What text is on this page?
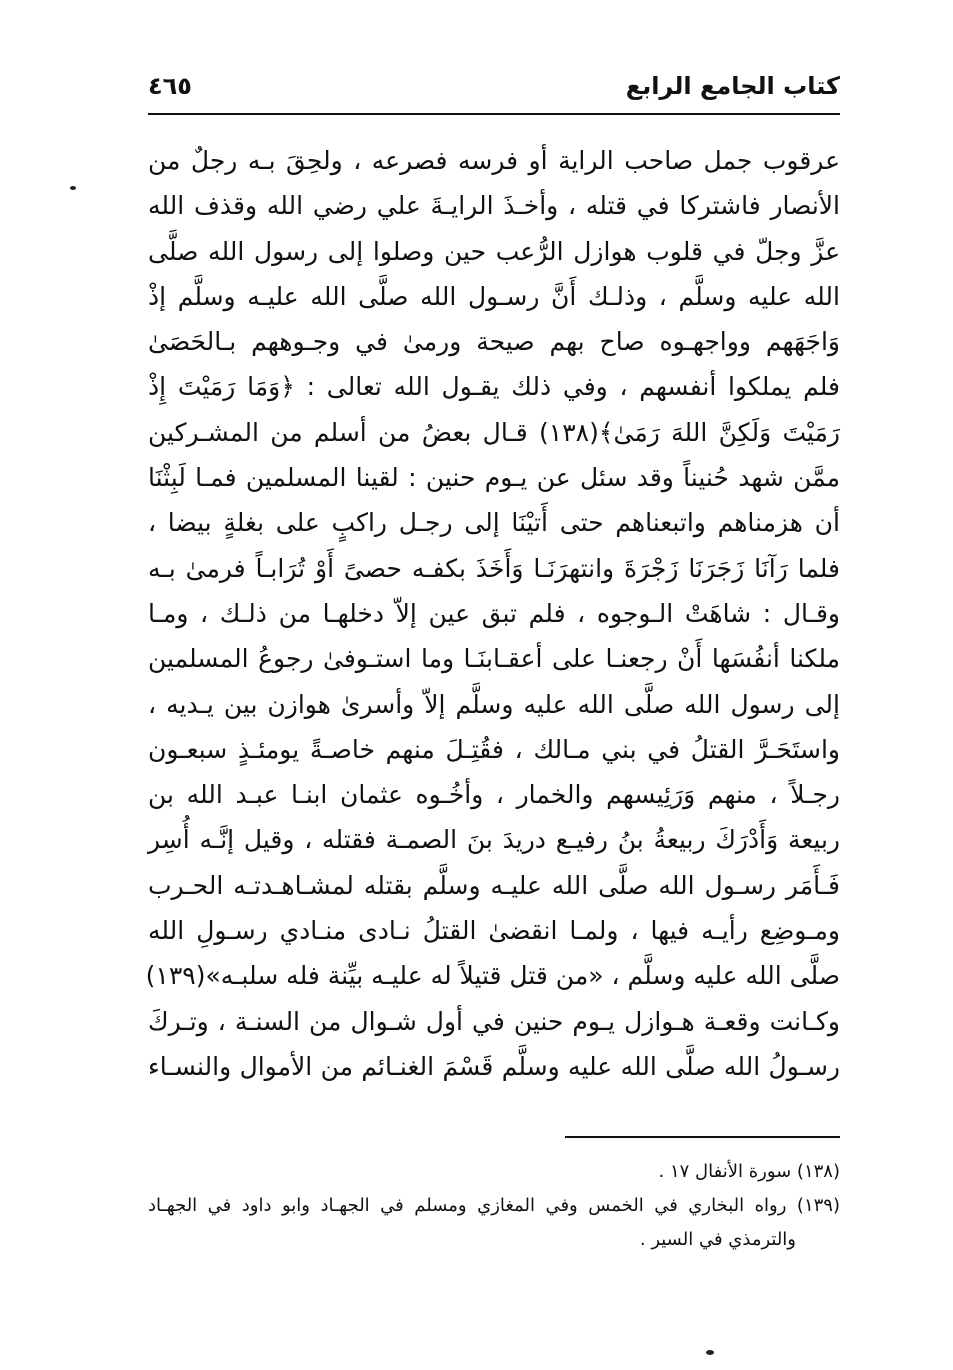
كتاب الجامع الرابع
٤٦٥
عرقوب جمل صاحب الراية أو فرسه فصرعه ، ولحِقَ بـه رجلٌ من
الأنصار فاشتركا في قتله ، وأخـذَ الرايـةَ علي رضي الله وقذف الله
عزَّ وجلّ في قلوب هوازل الرُّعب حين وصلوا إلى رسول الله صلَّى
الله عليه وسلَّم ، وذلـك أَنَّ رسـول الله صلَّى الله عليـه وسلَّم إذْ
وَاجَهَهم وواجهـوه صاح بهم صيحة ورمىٰ في وجـوههم بـالحَصَىٰ
فلم يملكوا أنفسهم ، وفي ذلك يقـول الله تعالى : ﴿وَمَا رَمَيْتَ إِذْ
رَمَيْتَ وَلَكِنَّ اللهَ رَمَىٰ﴾(١٣٨) قـال بعضُ من أسلم من المشـركين
ممَّن شهد حُنيناً وقد سئل عن يـوم حنين : لقينا المسلمين فمـا لَبِثْنَا
أن هزمناهم واتبعناهم حتى أَتيْنَا إلى رجـل راكبٍ على بغلةٍ بيضا ،
فلما رَآنَا زَجَرَنَا زَجْرَةَ وانتهرَنَـا وَأَخَذَ بكفـه حصىً أَوْ تُرَابـاً فرمىٰ بـه
وقـال : شاهَتْ الـوجوه ، فلم تبق عين إلاّ دخلهـا من ذلـك ، ومـا
ملكنا أنفُسَها أَنْ رجعنـا على أعقـابنَـا وما استـوفىٰ رجوعُ المسلمين
إلى رسول الله صلَّى الله عليه وسلَّم إلاّ وأسرىٰ هوازن بين يـديه ،
واستَحَـرَّ القتلُ في بني مـالك ، فقُتِـلَ منهم خاصـةً يومئـذٍ سبعـون
رجـلاً ، منهم وَرَئِيسهم والخمار ، وأخُـوه عثمان ابنـا عبـد الله بن
ربيعة وَأَدْرَكَ ربيعةُ بنُ رفيـع دريدَ بنَ الصمـة فقتله ، وقيل إنَّـه أُسِر
فَـأَمَر رسـول الله صلَّى الله عليـه وسلَّم بقتله لمشـاهـدتـه الحـرب
ومـوضِع رأيـه فيها ، ولمـا انقضىٰ القتلُ نـادى منـادي رسـولِ الله
صلَّى الله عليه وسلَّم ، «من قتل قتيلاً له عليـه بيِّنة فله سلبـه»(١٣٩)
وكـانت وقعـة هـوازل يـوم حنين في أول شـوال من السنـة ، وتـركَ
رسـولُ الله صلَّى الله عليه وسلَّم قَسْمَ الغنـائم من الأموال والنسـاء
(١٣٨) سورة الأنفال ١٧ .
(١٣٩) رواه البخاري في الخمس وفي المغازي ومسلم في الجهـاد وابو داود في الجهـاد
والترمذي في السير .
